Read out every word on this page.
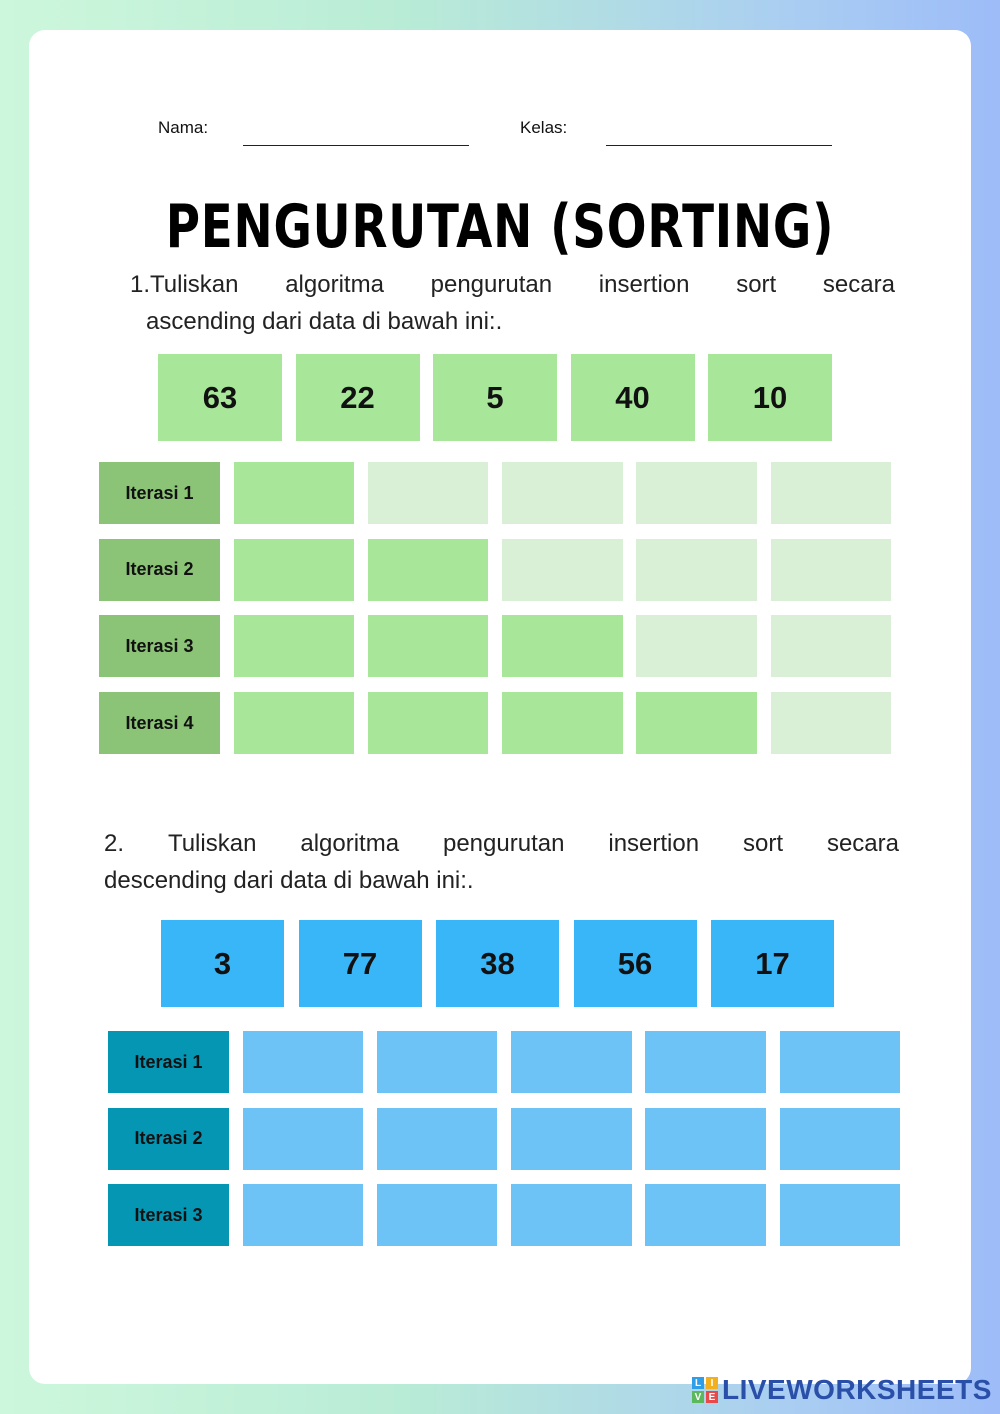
Nama:	Kelas:
PENGURUTAN (SORTING)
1.Tuliskan algoritma pengurutan insertion sort secara
ascending dari data di bawah ini:.
63	22	5	40	10
Iterasi 1
Iterasi 2
Iterasi 3
Iterasi 4
2. Tuliskan algoritma pengurutan insertion sort secara
descending dari data di bawah ini:.
3	77	38	56	17
Iterasi 1
Iterasi 2
Iterasi 3
L I
V E LIVEWORKSHEETS
